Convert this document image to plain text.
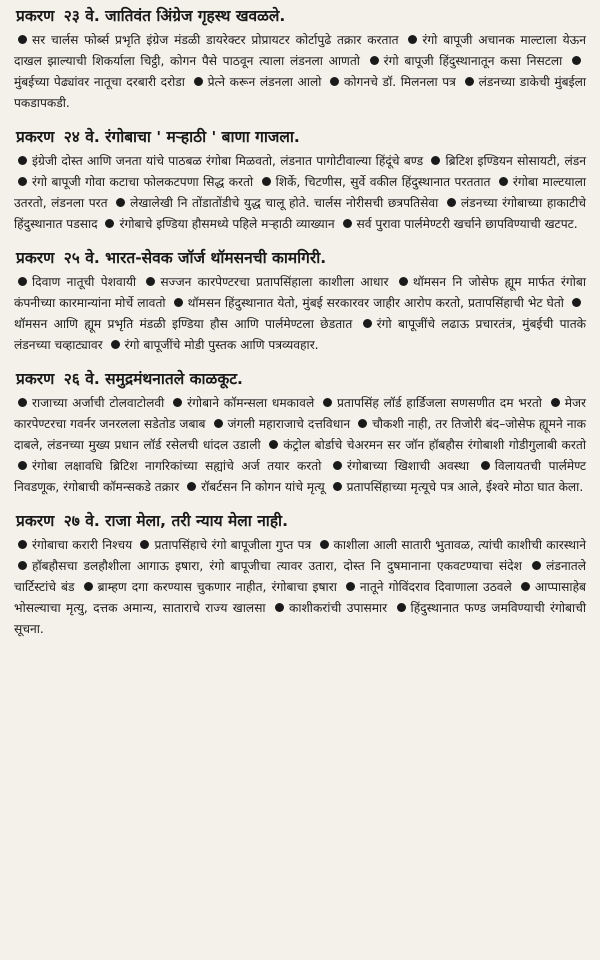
प्रकरण २३ वे. जातिवंत अिंग्रेज गृहस्थ खवळले.

सर चार्लस फोर्ब्स प्रभृति इंग्रेज मंडळी डायरेक्टर प्रोप्रायटर कोर्टापुढे तक्रार करतात रंगो बापूजी अचानक माल्टाला येऊन दाखल झाल्याची शिकर्याला चिट्ठी, कोगन पैसे पाठवून त्याला लंडनला आणतो रंगो बापूजी हिंदुस्थानातून कसा निसटला मुंबईच्या पेढ्यांवर नातूचा दरबारी दरोडा प्रेत्ने करून लंडनला आलो कोगनचे डॉ. मिलनला पत्र लंडनच्या डाकेची मुंबईला पकडापकडी.

प्रकरण २४ वे. रंगोबाचा ' मऱ्हाठी ' बाणा गाजला.

इंग्रेजी दोस्त आणि जनता यांचे पाठबळ रंगोबा मिळवतो, लंडनात पागोटीवाल्या हिंदूंचे बण्ड ब्रिटिश इण्डियन सोसायटी, लंडन रंगो बापूजी गोवा कटाचा फोलकटपणा सिद्ध करतो शिर्के, चिटणीस, सुर्वे वकील हिंदुस्थानात परततात रंगोबा माल्टयाला उतरतो, लंडनला परत लेखालेखी नि तोंडातोंडीचे युद्ध चालू होते. चार्लस नोरीसची छत्रपतिसेवा लंडनच्या रंगोबाच्या हाकाटीचे हिंदुस्थानात पडसाद रंगोबाचे इण्डिया हौसमध्ये पहिले मऱ्हाठी व्याख्यान सर्व पुरावा पार्लमेण्टरी खर्चाने छापविण्याची खटपट.

प्रकरण २५ वे. भारत-सेवक जॉर्ज थॉमसनची कामगिरी.

दिवाण नातूची पेशवायी सज्जन कारपेण्टरचा प्रतापसिंहाला काशीला आधार थॉमसन नि जोसेफ ह्यूम मार्फत रंगोबा कंपनीच्या कारमान्यांना मोर्चे लावतो थॉमसन हिंदुस्थानात येतो, मुंबई सरकारवर जाहीर आरोप करतो, प्रतापसिंहाची भेट घेतो थॉमसन आणि ह्यूम प्रभृति मंडळी इण्डिया हौस आणि पार्लमेण्टला छेडतात रंगो बापूजींचे लढाऊ प्रचारतंत्र, मुंबईची पातके लंडनच्या चव्हाट्यावर रंगो बापूजींचे मोडी पुस्तक आणि पत्रव्यवहार.

प्रकरण २६ वे. समुद्रमंथनातले काळकूट.

राजाच्या अर्जाची टोलवाटोलवी रंगोबाने कॉमन्सला धमकावले प्रतापसिंह लॉर्ड हार्डिजला सणसणीत दम भरतो मेजर कारपेण्टरचा गवर्नर जनरलला सडेतोड जबाब जंगली महाराजाचे दत्तविधान चौकशी नाही, तर तिजोरी बंद–जोसेफ ह्यूमने नाक दाबले, लंडनच्या मुख्य प्रधान लॉर्ड रसेलची धांदल उडाली कंट्रोल बोर्डाचे चेअरमन सर जॉन हॉबहौस रंगोबाशी गोडीगुलाबी करतो रंगोबा लक्षावधि ब्रिटिश नागरिकांच्या सह्यांचे अर्ज तयार करतो रंगोबाच्या खिशाची अवस्था विलायतची पार्लमेण्ट निवडणूक, रंगोबाची कॉमन्सकडे तक्रार रॉबर्टसन नि कोगन यांचे मृत्यू प्रतापसिंहाच्या मृत्यूचे पत्र आले, ईश्वरे मोठा घात केला.

प्रकरण २७ वे. राजा मेला, तरी न्याय मेला नाही.

रंगोबाचा करारी निश्चय प्रतापसिंहाचे रंगो बापूजीला गुप्त पत्र काशीला आली सातारी भुतावळ, त्यांची काशीची कारस्थाने हॉबहौसचा डलहौशीला आगाऊ इषारा, रंगो बापूजीचा त्यावर उतारा, दोस्त नि दुषमानाना एकवटण्याचा संदेश लंडनातले चार्टिस्टांचे बंड ब्राम्हण दगा करण्यास चुकणार नाहीत, रंगोबाचा इषारा नातूने गोविंदराव दिवाणाला उठवले आप्पासाहेब भोसल्याचा मृत्यु, दत्तक अमान्य, साताराचे राज्य खालसा काशीकरांची उपासमार हिंदुस्थानात फण्ड जमविण्याची रंगोबाची सूचना.
